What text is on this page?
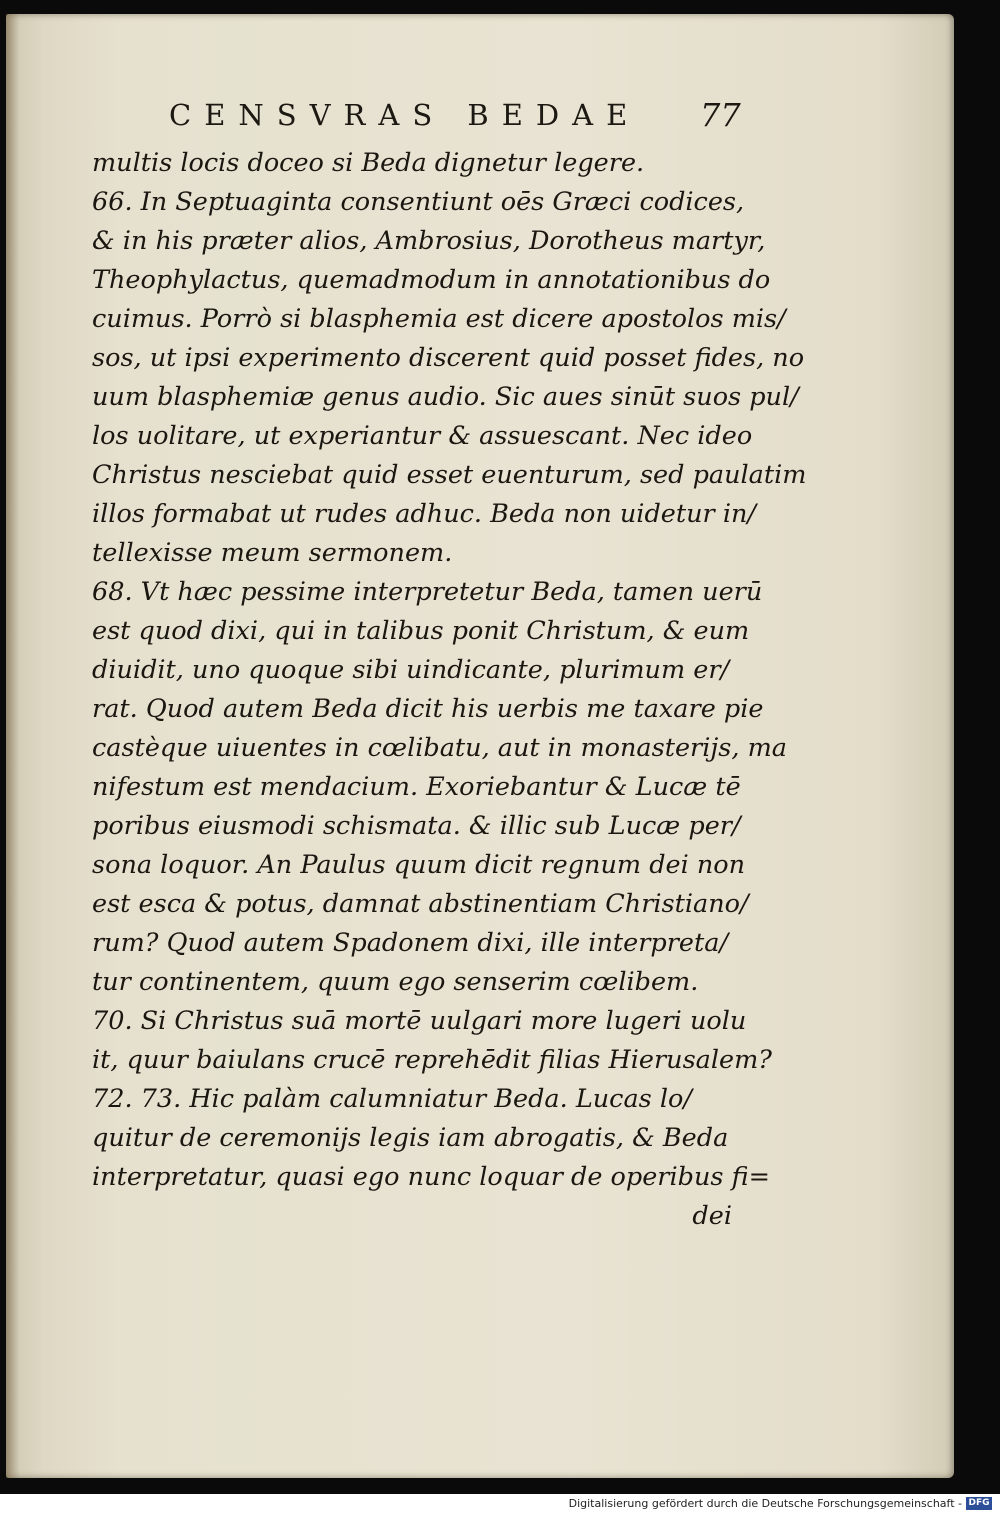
CENSVRAS BEDAE 77
multis locis doceo si Beda dignetur legere.
66. In Septuaginta consentiunt oēs Græci codices,
& in his præter alios, Ambrosius, Dorotheus martyr,
Theophylactus, quemadmodum in annotationibus do
cuimus. Porrò si blasphemia est dicere apostolos mis/
sos, ut ipsi experimento discerent quid posset fides, no
uum blasphemiæ genus audio. Sic aues sinūt suos pul/
los uolitare, ut experiantur & assuescant. Nec ideo
Christus nesciebat quid esset euenturum, sed paulatim
illos formabat ut rudes adhuc. Beda non uidetur in/
tellexisse meum sermonem.
68. Vt hæc pessime interpretetur Beda, tamen uerū
est quod dixi, qui in talibus ponit Christum, & eum
diuidit, uno quoque sibi uindicante, plurimum er/
rat. Quod autem Beda dicit his uerbis me taxare pie
castèque uiuentes in cœlibatu, aut in monasterijs, ma
nifestum est mendacium. Exoriebantur & Lucæ tē
poribus eiusmodi schismata. & illic sub Lucæ per/
sona loquor. An Paulus quum dicit regnum dei non
est esca & potus, damnat abstinentiam Christiano/
rum? Quod autem Spadonem dixi, ille interpreta/
tur continentem, quum ego senserim cœlibem.
70. Si Christus suā mortē uulgari more lugeri uolu
it, quur baiulans crucē reprehēdit filias Hierusalem?
72. 73. Hic palàm calumniatur Beda. Lucas lo/
quitur de ceremonijs legis iam abrogatis, & Beda
interpretatur, quasi ego nunc loquar de operibus fi=
dei
Digitalisierung gefördert durch die Deutsche Forschungsgemeinschaft - DFG
